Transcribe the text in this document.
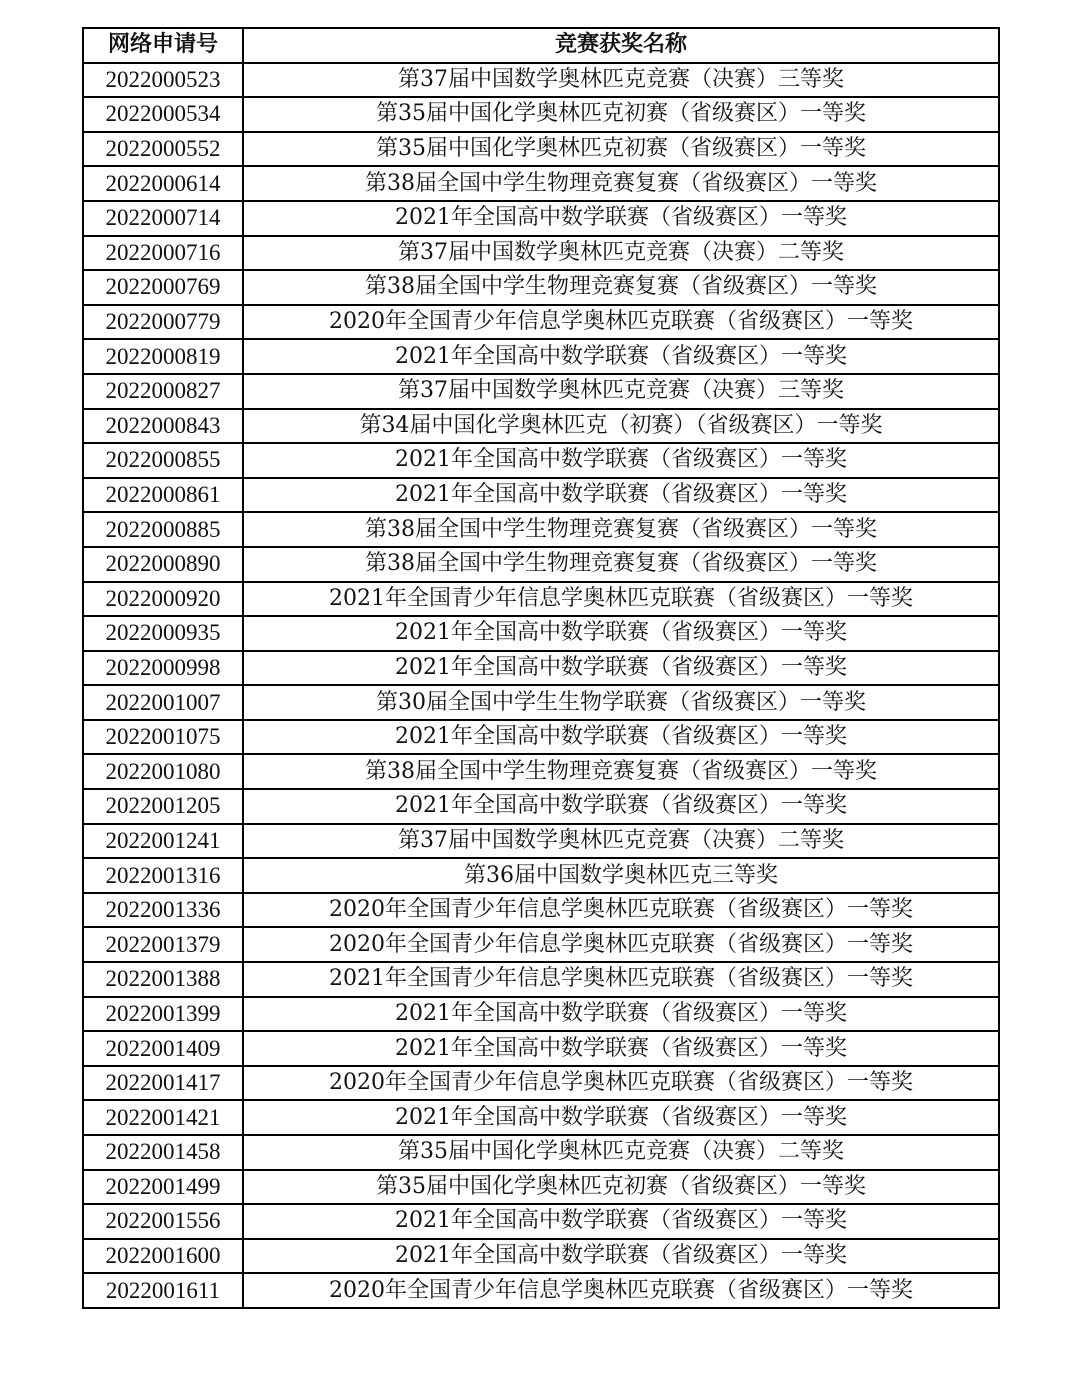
网络申请号	竞赛获奖名称
2022000523	第37届中国数学奥林匹克竞赛（决赛）三等奖
2022000534	第35届中国化学奥林匹克初赛（省级赛区）一等奖
2022000552	第35届中国化学奥林匹克初赛（省级赛区）一等奖
2022000614	第38届全国中学生物理竞赛复赛（省级赛区）一等奖
2022000714	2021年全国高中数学联赛（省级赛区）一等奖
2022000716	第37届中国数学奥林匹克竞赛（决赛）二等奖
2022000769	第38届全国中学生物理竞赛复赛（省级赛区）一等奖
2022000779	2020年全国青少年信息学奥林匹克联赛（省级赛区）一等奖
2022000819	2021年全国高中数学联赛（省级赛区）一等奖
2022000827	第37届中国数学奥林匹克竞赛（决赛）三等奖
2022000843	第34届中国化学奥林匹克（初赛）（省级赛区）一等奖
2022000855	2021年全国高中数学联赛（省级赛区）一等奖
2022000861	2021年全国高中数学联赛（省级赛区）一等奖
2022000885	第38届全国中学生物理竞赛复赛（省级赛区）一等奖
2022000890	第38届全国中学生物理竞赛复赛（省级赛区）一等奖
2022000920	2021年全国青少年信息学奥林匹克联赛（省级赛区）一等奖
2022000935	2021年全国高中数学联赛（省级赛区）一等奖
2022000998	2021年全国高中数学联赛（省级赛区）一等奖
2022001007	第30届全国中学生生物学联赛（省级赛区）一等奖
2022001075	2021年全国高中数学联赛（省级赛区）一等奖
2022001080	第38届全国中学生物理竞赛复赛（省级赛区）一等奖
2022001205	2021年全国高中数学联赛（省级赛区）一等奖
2022001241	第37届中国数学奥林匹克竞赛（决赛）二等奖
2022001316	第36届中国数学奥林匹克三等奖
2022001336	2020年全国青少年信息学奥林匹克联赛（省级赛区）一等奖
2022001379	2020年全国青少年信息学奥林匹克联赛（省级赛区）一等奖
2022001388	2021年全国青少年信息学奥林匹克联赛（省级赛区）一等奖
2022001399	2021年全国高中数学联赛（省级赛区）一等奖
2022001409	2021年全国高中数学联赛（省级赛区）一等奖
2022001417	2020年全国青少年信息学奥林匹克联赛（省级赛区）一等奖
2022001421	2021年全国高中数学联赛（省级赛区）一等奖
2022001458	第35届中国化学奥林匹克竞赛（决赛）二等奖
2022001499	第35届中国化学奥林匹克初赛（省级赛区）一等奖
2022001556	2021年全国高中数学联赛（省级赛区）一等奖
2022001600	2021年全国高中数学联赛（省级赛区）一等奖
2022001611	2020年全国青少年信息学奥林匹克联赛（省级赛区）一等奖
